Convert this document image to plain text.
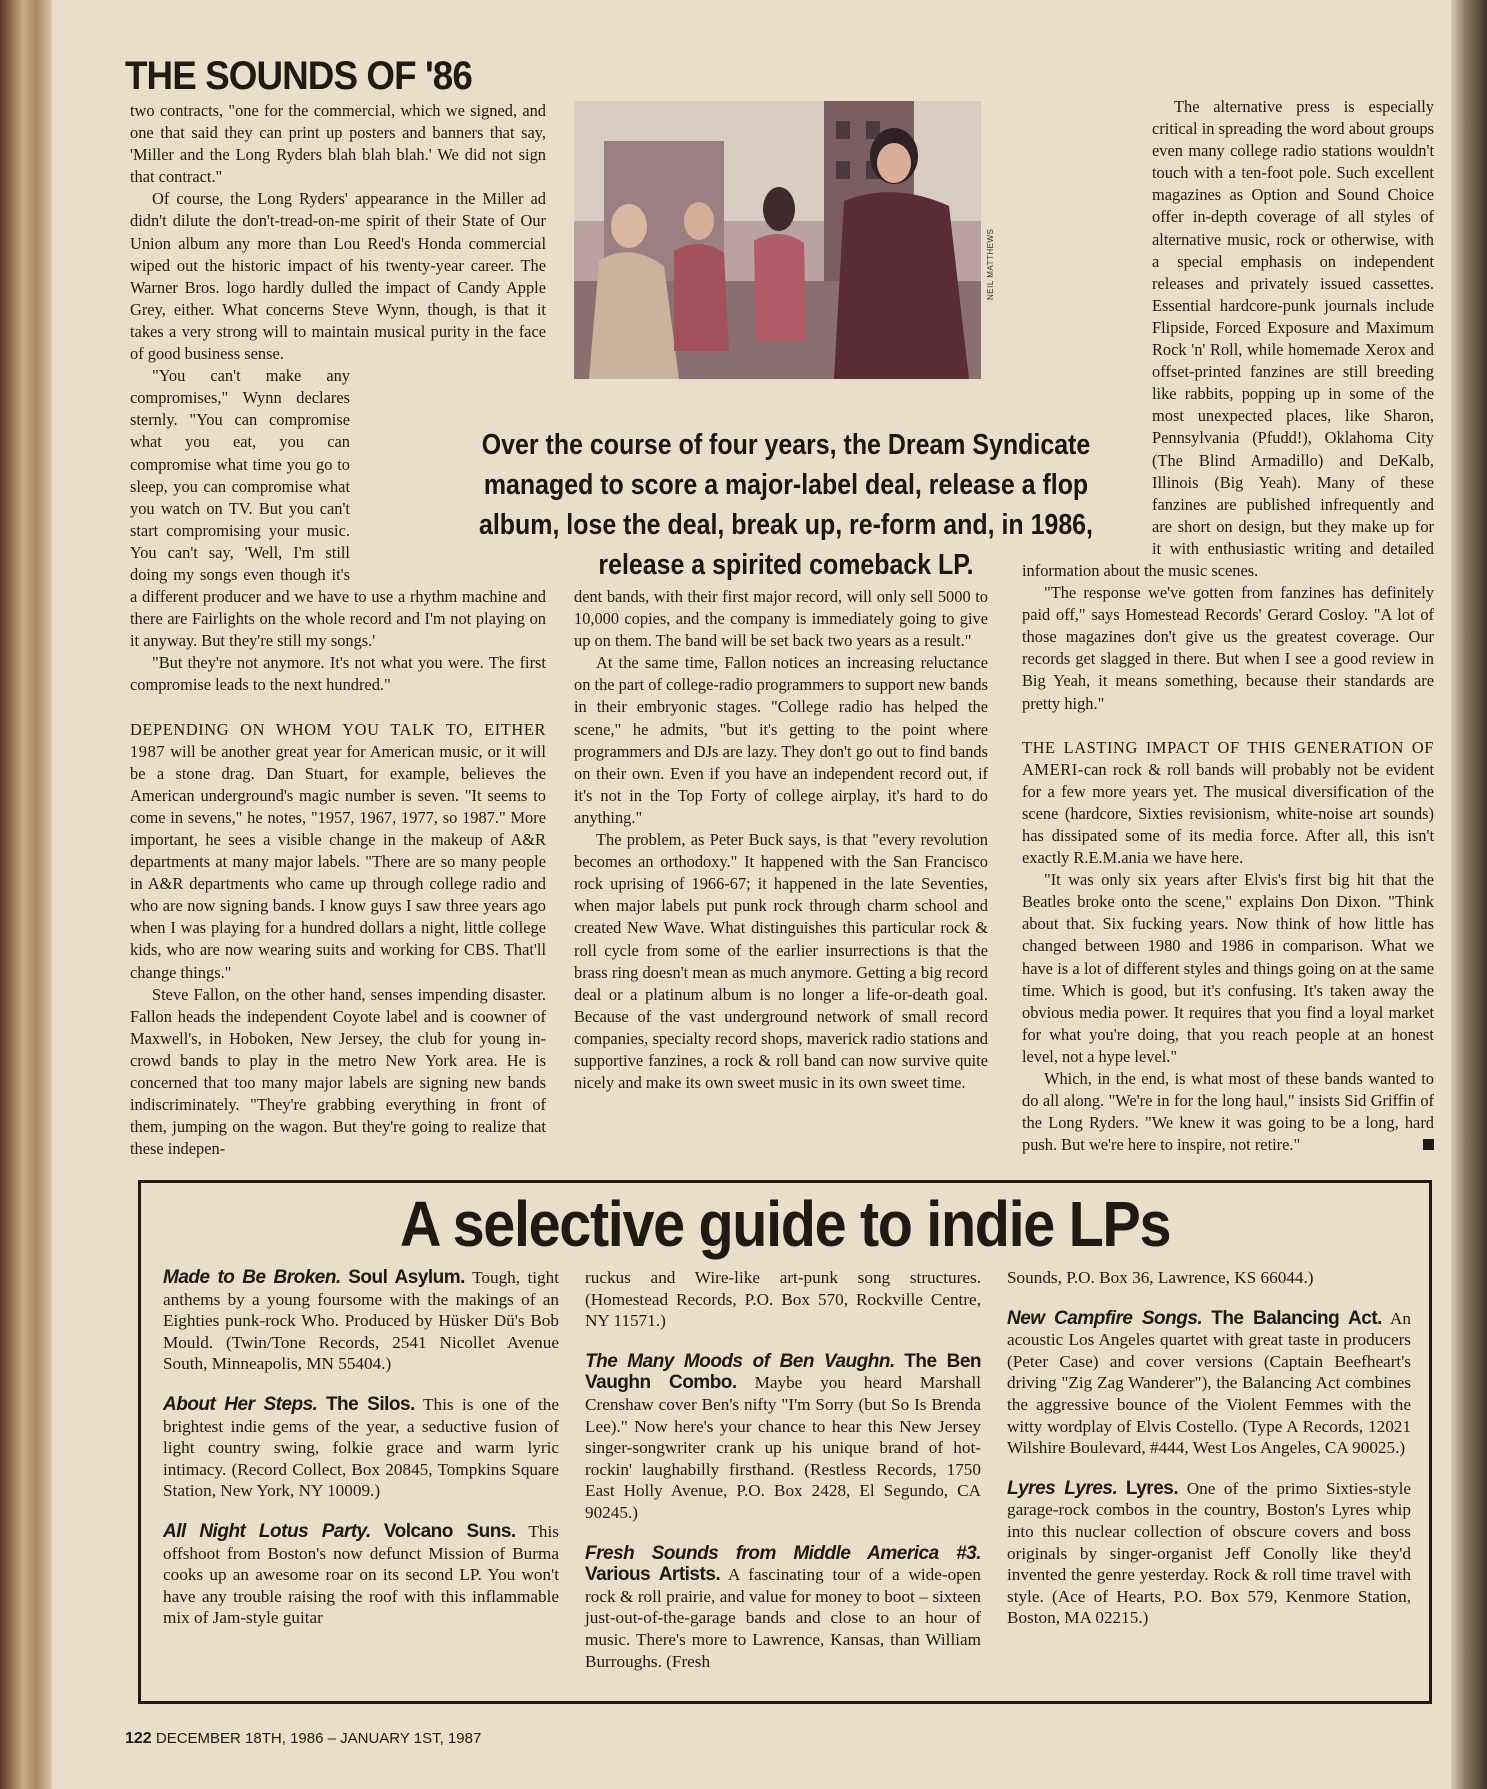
THE SOUNDS OF '86

two contracts, "one for the commercial, which we signed, and one that said they can print up posters and banners that say, 'Miller and the Long Ryders blah blah blah.' We did not sign that contract."

Of course, the Long Ryders' appearance in the Miller ad didn't dilute the don't-tread-on-me spirit of their State of Our Union album any more than Lou Reed's Honda commercial wiped out the historic impact of his twenty-year career. The Warner Bros. logo hardly dulled the impact of Candy Apple Grey, either. What concerns Steve Wynn, though, is that it takes a very strong will to maintain musical purity in the face of good business sense.

"You can't make any compromises," Wynn declares sternly. "You can compromise what you eat, you can compromise what time you go to sleep, you can compromise what you watch on TV. But you can't start compromising your music. You can't say, 'Well, I'm still doing my songs even though it's a different producer and we have to use a rhythm machine and there are Fairlights on the whole record and I'm not playing on it anyway. But they're still my songs.'

"But they're not anymore. It's not what you were. The first compromise leads to the next hundred."

DEPENDING ON WHOM YOU TALK TO, EITHER 1987 will be another great year for American music, or it will be a stone drag. Dan Stuart, for example, believes the American underground's magic number is seven. "It seems to come in sevens," he notes, "1957, 1967, 1977, so 1987." More important, he sees a visible change in the makeup of A&R departments at many major labels. "There are so many people in A&R departments who came up through college radio and who are now signing bands. I know guys I saw three years ago when I was playing for a hundred dollars a night, little college kids, who are now wearing suits and working for CBS. That'll change things."

Steve Fallon, on the other hand, senses impending disaster. Fallon heads the independent Coyote label and is coowner of Maxwell's, in Hoboken, New Jersey, the club for young in-crowd bands to play in the metro New York area. He is concerned that too many major labels are signing new bands indiscriminately. "They're grabbing everything in front of them, jumping on the wagon. But they're going to realize that these indepen-

NEIL MATTHEWS
Over the course of four years, the Dream Syndicate managed to score a major-label deal, release a flop album, lose the deal, break up, re-form and, in 1986, release a spirited comeback LP.

dent bands, with their first major record, will only sell 5000 to 10,000 copies, and the company is immediately going to give up on them. The band will be set back two years as a result."

At the same time, Fallon notices an increasing reluctance on the part of college-radio programmers to support new bands in their embryonic stages. "College radio has helped the scene," he admits, "but it's getting to the point where programmers and DJs are lazy. They don't go out to find bands on their own. Even if you have an independent record out, if it's not in the Top Forty of college airplay, it's hard to do anything."

The problem, as Peter Buck says, is that "every revolution becomes an orthodoxy." It happened with the San Francisco rock uprising of 1966-67; it happened in the late Seventies, when major labels put punk rock through charm school and created New Wave. What distinguishes this particular rock & roll cycle from some of the earlier insurrections is that the brass ring doesn't mean as much anymore. Getting a big record deal or a platinum album is no longer a life-or-death goal. Because of the vast underground network of small record companies, specialty record shops, maverick radio stations and supportive fanzines, a rock & roll band can now survive quite nicely and make its own sweet music in its own sweet time.

The alternative press is especially critical in spreading the word about groups even many college radio stations wouldn't touch with a ten-foot pole. Such excellent magazines as Option and Sound Choice offer in-depth coverage of all styles of alternative music, rock or otherwise, with a special emphasis on independent releases and privately issued cassettes. Essential hardcore-punk journals include Flipside, Forced Exposure and Maximum Rock 'n' Roll, while homemade Xerox and offset-printed fanzines are still breeding like rabbits, popping up in some of the most unexpected places, like Sharon, Pennsylvania (Pfudd!), Oklahoma City (The Blind Armadillo) and DeKalb, Illinois (Big Yeah). Many of these fanzines are published infrequently and are short on design, but they make up for it with enthusiastic writing and detailed information about the music scenes.

"The response we've gotten from fanzines has definitely paid off," says Homestead Records' Gerard Cosloy. "A lot of those magazines don't give us the greatest coverage. Our records get slagged in there. But when I see a good review in Big Yeah, it means something, because their standards are pretty high."

THE LASTING IMPACT OF THIS GENERATION OF AMERI-can rock & roll bands will probably not be evident for a few more years yet. The musical diversification of the scene (hardcore, Sixties revisionism, white-noise art sounds) has dissipated some of its media force. After all, this isn't exactly R.E.M.ania we have here.

"It was only six years after Elvis's first big hit that the Beatles broke onto the scene," explains Don Dixon. "Think about that. Six fucking years. Now think of how little has changed between 1980 and 1986 in comparison. What we have is a lot of different styles and things going on at the same time. Which is good, but it's confusing. It's taken away the obvious media power. It requires that you find a loyal market for what you're doing, that you reach people at an honest level, not a hype level."

Which, in the end, is what most of these bands wanted to do all along. "We're in for the long haul," insists Sid Griffin of the Long Ryders. "We knew it was going to be a long, hard push. But we're here to inspire, not retire."

A selective guide to indie LPs

Made to Be Broken. Soul Asylum. Tough, tight anthems by a young foursome with the makings of an Eighties punk-rock Who. Produced by Hüsker Dü's Bob Mould. (Twin/Tone Records, 2541 Nicollet Avenue South, Minneapolis, MN 55404.)

About Her Steps. The Silos. This is one of the brightest indie gems of the year, a seductive fusion of light country swing, folkie grace and warm lyric intimacy. (Record Collect, Box 20845, Tompkins Square Station, New York, NY 10009.)

All Night Lotus Party. Volcano Suns. This offshoot from Boston's now defunct Mission of Burma cooks up an awesome roar on its second LP. You won't have any trouble raising the roof with this inflammable mix of Jam-style guitar

ruckus and Wire-like art-punk song structures. (Homestead Records, P.O. Box 570, Rockville Centre, NY 11571.)

The Many Moods of Ben Vaughn. The Ben Vaughn Combo. Maybe you heard Marshall Crenshaw cover Ben's nifty "I'm Sorry (but So Is Brenda Lee)." Now here's your chance to hear this New Jersey singer-songwriter crank up his unique brand of hot-rockin' laughabilly firsthand. (Restless Records, 1750 East Holly Avenue, P.O. Box 2428, El Segundo, CA 90245.)

Fresh Sounds from Middle America #3. Various Artists. A fascinating tour of a wide-open rock & roll prairie, and value for money to boot – sixteen just-out-of-the-garage bands and close to an hour of music. There's more to Lawrence, Kansas, than William Burroughs. (Fresh

Sounds, P.O. Box 36, Lawrence, KS 66044.)

New Campfire Songs. The Balancing Act. An acoustic Los Angeles quartet with great taste in producers (Peter Case) and cover versions (Captain Beefheart's driving "Zig Zag Wanderer"), the Balancing Act combines the aggressive bounce of the Violent Femmes with the witty wordplay of Elvis Costello. (Type A Records, 12021 Wilshire Boulevard, #444, West Los Angeles, CA 90025.)

Lyres Lyres. Lyres. One of the primo Sixties-style garage-rock combos in the country, Boston's Lyres whip into this nuclear collection of obscure covers and boss originals by singer-organist Jeff Conolly like they'd invented the genre yesterday. Rock & roll time travel with style. (Ace of Hearts, P.O. Box 579, Kenmore Station, Boston, MA 02215.)

122 DECEMBER 18TH, 1986 – JANUARY 1ST, 1987
